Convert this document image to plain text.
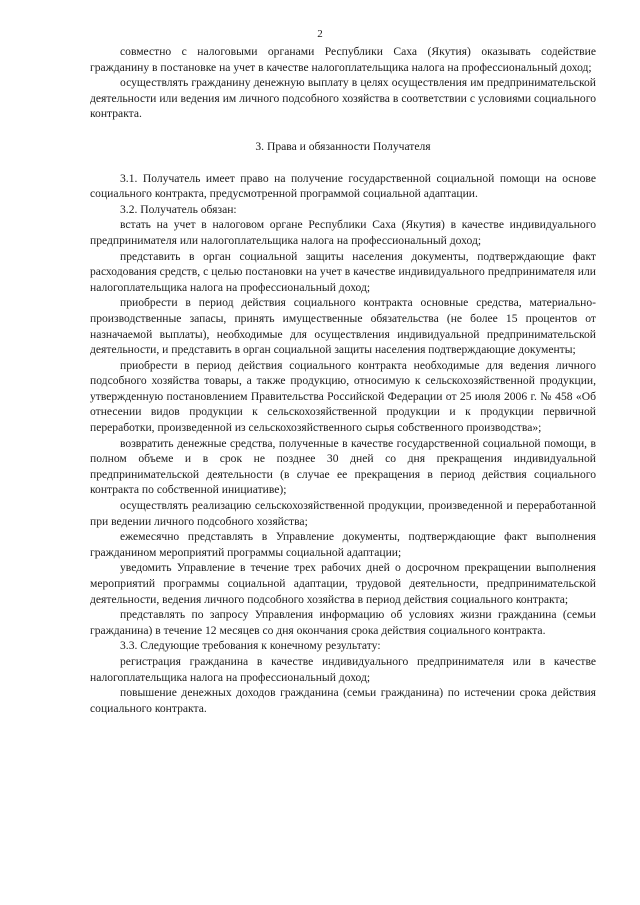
2

совместно с налоговыми органами Республики Саха (Якутия) оказывать содействие гражданину в постановке на учет в качестве налогоплательщика налога на профессиональный доход;

осуществлять гражданину денежную выплату в целях осуществления им предпринимательской деятельности или ведения им личного подсобного хозяйства в соответствии с условиями социального контракта.

3. Права и обязанности Получателя

3.1. Получатель имеет право на получение государственной социальной помощи на основе социального контракта, предусмотренной программой социальной адаптации.

3.2. Получатель обязан:

встать на учет в налоговом органе Республики Саха (Якутия) в качестве индивидуального предпринимателя или налогоплательщика налога на профессиональный доход;

представить в орган социальной защиты населения документы, подтверждающие факт расходования средств, с целью постановки на учет в качестве индивидуального предпринимателя или налогоплательщика налога на профессиональный доход;

приобрести в период действия социального контракта основные средства, материально-производственные запасы, принять имущественные обязательства (не более 15 процентов от назначаемой выплаты), необходимые для осуществления индивидуальной предпринимательской деятельности, и представить в орган социальной защиты населения подтверждающие документы;

приобрести в период действия социального контракта необходимые для ведения личного подсобного хозяйства товары, а также продукцию, относимую к сельскохозяйственной продукции, утвержденную постановлением Правительства Российской Федерации от 25 июля 2006 г. № 458 «Об отнесении видов продукции к сельскохозяйственной продукции и к продукции первичной переработки, произведенной из сельскохозяйственного сырья собственного производства»;

возвратить денежные средства, полученные в качестве государственной социальной помощи, в полном объеме и в срок не позднее 30 дней со дня прекращения индивидуальной предпринимательской деятельности (в случае ее прекращения в период действия социального контракта по собственной инициативе);

осуществлять реализацию сельскохозяйственной продукции, произведенной и переработанной при ведении личного подсобного хозяйства;

ежемесячно представлять в Управление документы, подтверждающие факт выполнения гражданином мероприятий программы социальной адаптации;

уведомить Управление в течение трех рабочих дней о досрочном прекращении выполнения мероприятий программы социальной адаптации, трудовой деятельности, предпринимательской деятельности, ведения личного подсобного хозяйства в период действия социального контракта;

представлять по запросу Управления информацию об условиях жизни гражданина (семьи гражданина) в течение 12 месяцев со дня окончания срока действия социального контракта.

3.3. Следующие требования к конечному результату:

регистрация гражданина в качестве индивидуального предпринимателя или в качестве налогоплательщика налога на профессиональный доход;

повышение денежных доходов гражданина (семьи гражданина) по истечении срока действия социального контракта.
